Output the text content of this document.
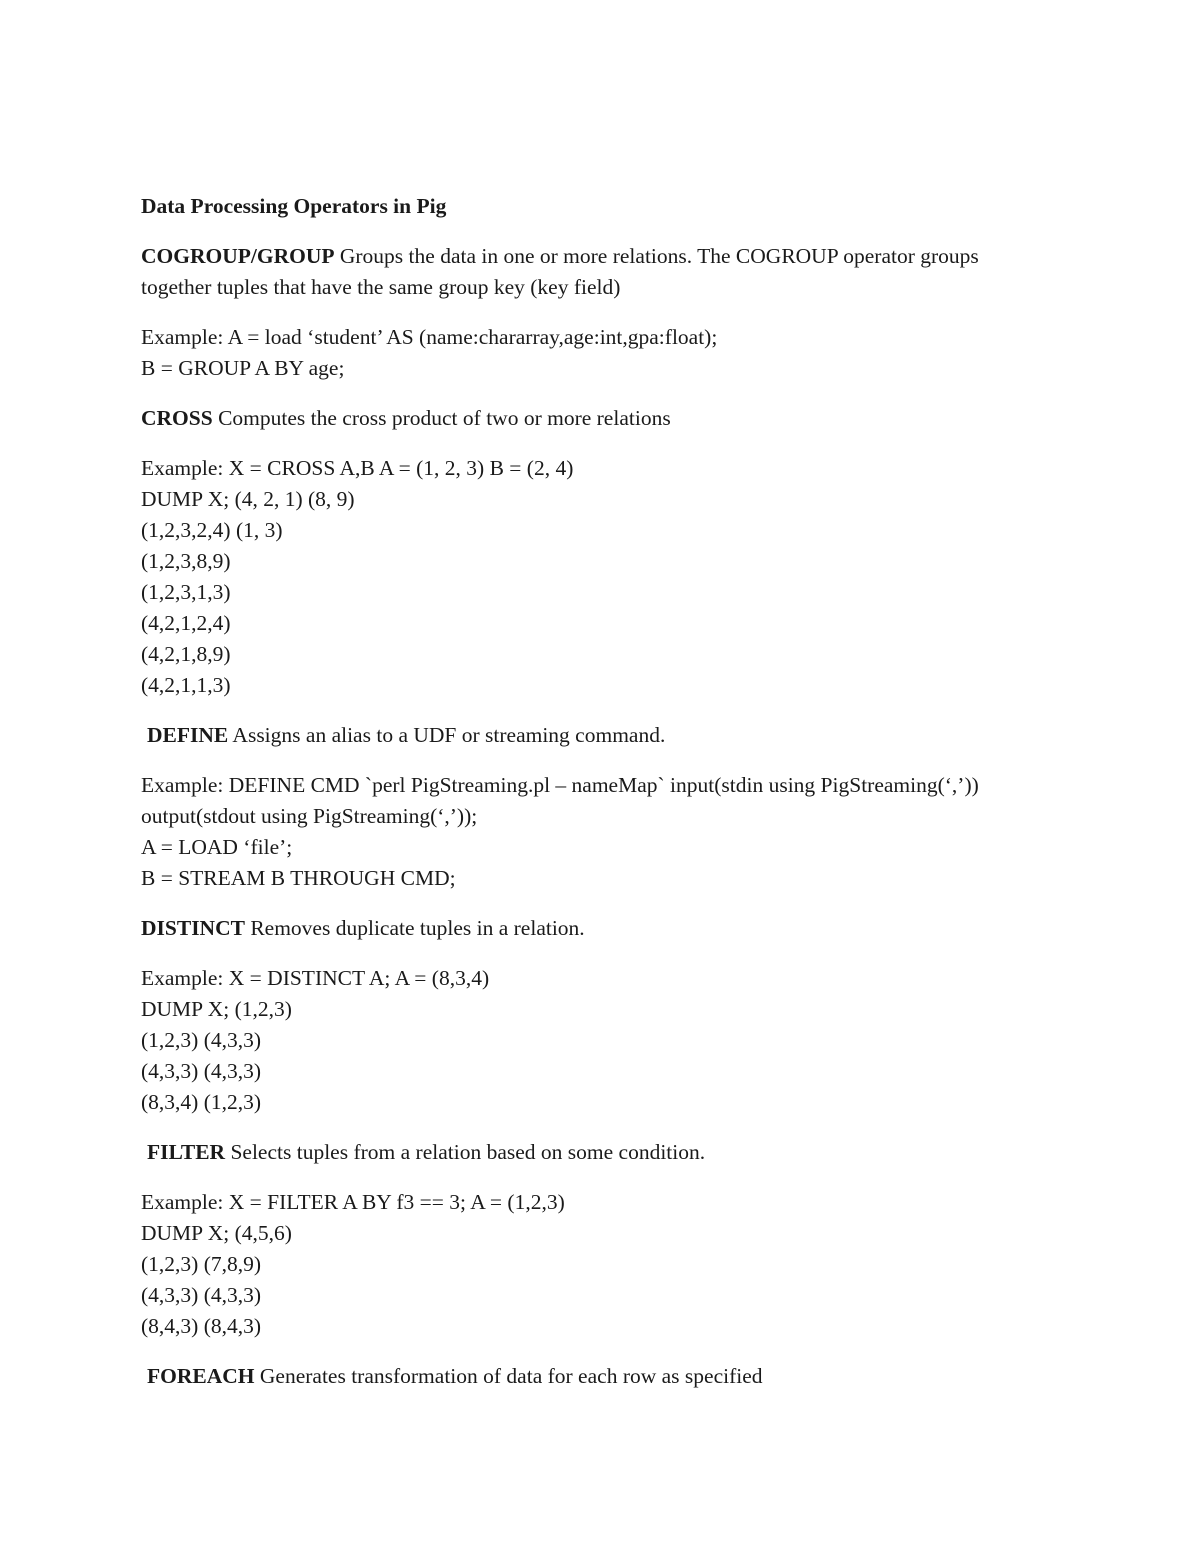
Data Processing Operators in Pig
COGROUP/GROUP Groups the data in one or more relations. The COGROUP operator groups
together tuples that have the same group key (key field)
Example: A = load ‘student’ AS (name:chararray,age:int,gpa:float);
B = GROUP A BY age;
CROSS Computes the cross product of two or more relations
Example: X = CROSS A,B A = (1, 2, 3) B = (2, 4)
DUMP X; (4, 2, 1) (8, 9)
(1,2,3,2,4) (1, 3)
(1,2,3,8,9)
(1,2,3,1,3)
(4,2,1,2,4)
(4,2,1,8,9)
(4,2,1,1,3)
DEFINE Assigns an alias to a UDF or streaming command.
Example: DEFINE CMD `perl PigStreaming.pl – nameMap` input(stdin using PigStreaming(‘,’))
output(stdout using PigStreaming(‘,’));
A = LOAD ‘file’;
B = STREAM B THROUGH CMD;
DISTINCT Removes duplicate tuples in a relation.
Example: X = DISTINCT A; A = (8,3,4)
DUMP X; (1,2,3)
(1,2,3) (4,3,3)
(4,3,3) (4,3,3)
(8,3,4) (1,2,3)
FILTER Selects tuples from a relation based on some condition.
Example: X = FILTER A BY f3 == 3; A = (1,2,3)
DUMP X; (4,5,6)
(1,2,3) (7,8,9)
(4,3,3) (4,3,3)
(8,4,3) (8,4,3)
FOREACH Generates transformation of data for each row as specified
